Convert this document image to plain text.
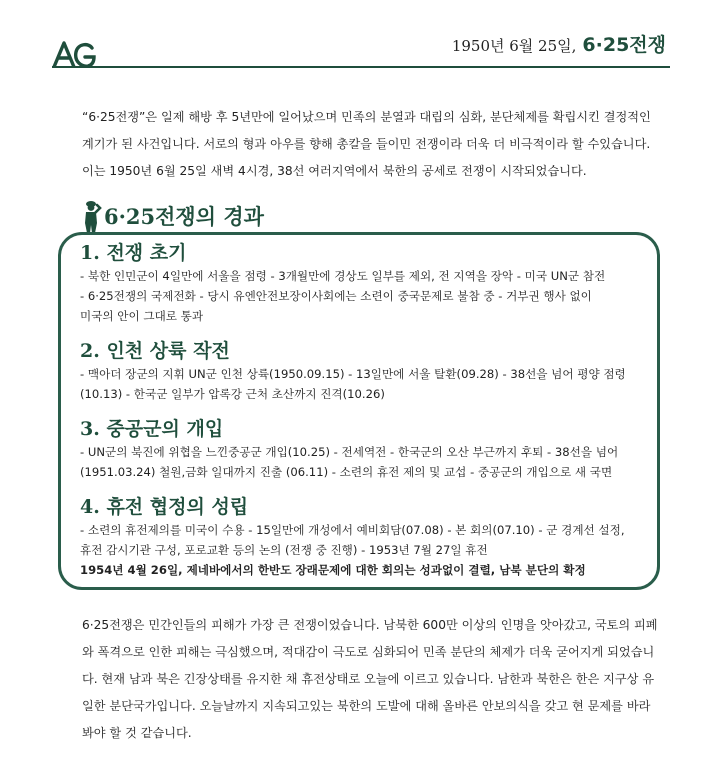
1950년 6월 25일, 6·25전쟁

“6·25전쟁”은 일제 해방 후 5년만에 일어났으며 민족의 분열과 대립의 심화, 분단체제를 확립시킨 결정적인 계기가 된 사건입니다. 서로의 형과 아우를 향해 총칼을 들이민 전쟁이라 더욱 더 비극적이라 할 수있습니다. 이는 1950년 6월 25일 새벽 4시경, 38선 여러지역에서 북한의 공세로 전쟁이 시작되었습니다.

6·25전쟁의 경과
1. 전쟁 초기

- 북한 인민군이 4일만에 서울을 점령 - 3개월만에 경상도 일부를 제외, 전 지역을 장악 - 미국 UN군 참전
- 6·25전쟁의 국제전화 - 당시 유엔안전보장이사회에는 소련이 중국문제로 불참 중 - 거부권 행사 없이
미국의 안이 그대로 통과

2. 인천 상륙 작전

- 맥아더 장군의 지휘 UN군 인천 상륙(1950.09.15) - 13일만에 서울 탈환(09.28) - 38선을 넘어 평양 점령
(10.13) - 한국군 일부가 압록강 근처 초산까지 진격(10.26)

3. 중공군의 개입

- UN군의 북진에 위협을 느낀중공군 개입(10.25) - 전세역전 - 한국군의 오산 부근까지 후퇴 - 38선을 넘어
(1951.03.24) 철원,금화 일대까지 진출 (06.11) - 소련의 휴전 제의 및 교섭 - 중공군의 개입으로 새 국면

4. 휴전 협정의 성립

- 소련의 휴전제의를 미국이 수용 - 15일만에 개성에서 예비회담(07.08) - 본 회의(07.10) - 군 경계선 설정,
휴전 감시기관 구성, 포로교환 등의 논의 (전쟁 중 진행) - 1953년 7월 27일 휴전
1954년 4월 26일, 제네바에서의 한반도 장래문제에 대한 회의는 성과없이 결렬, 남북 분단의 확정

6·25전쟁은 민간인들의 피해가 가장 큰 전쟁이었습니다. 남북한 600만 이상의 인명을 앗아갔고, 국토의 피폐와 폭격으로 인한 피해는 극심했으며, 적대감이 극도로 심화되어 민족 분단의 체제가 더욱 굳어지게 되었습니다. 현재 남과 북은 긴장상태를 유지한 채 휴전상태로 오늘에 이르고 있습니다. 남한과 북한은 한은 지구상 유일한 분단국가입니다. 오늘날까지 지속되고있는 북한의 도발에 대해 올바른 안보의식을 갖고 현 문제를 바라봐야 할 것 같습니다.
